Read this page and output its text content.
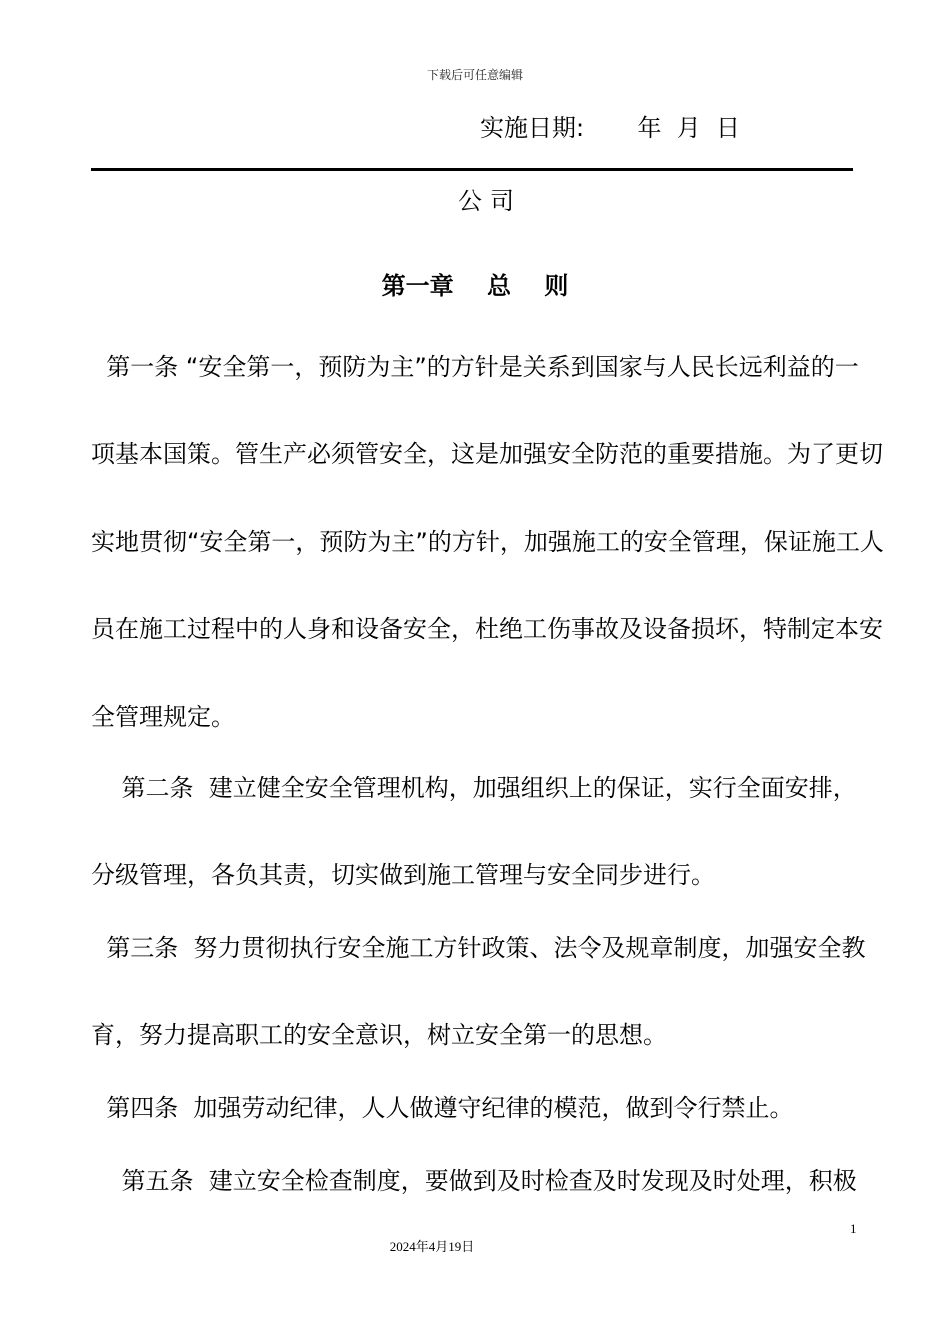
下载后可任意编辑
实施日期:       年  月  日
公司
第一章    总    则
第一条 “安全第一，预防为主”的方针是关系到国家与人民长远利益的一
项基本国策。管生产必须管安全，这是加强安全防范的重要措施。为了更切
实地贯彻“安全第一，预防为主”的方针，加强施工的安全管理，保证施工人
员在施工过程中的人身和设备安全，杜绝工伤事故及设备损坏，特制定本安
全管理规定。
第二条  建立健全安全管理机构，加强组织上的保证，实行全面安排，
分级管理，各负其责，切实做到施工管理与安全同步进行。
第三条  努力贯彻执行安全施工方针政策、法令及规章制度，加强安全教
育，努力提高职工的安全意识，树立安全第一的思想。
第四条  加强劳动纪律，人人做遵守纪律的模范，做到令行禁止。
第五条  建立安全检查制度，要做到及时检查及时发现及时处理，积极
1
2024年4月19日
